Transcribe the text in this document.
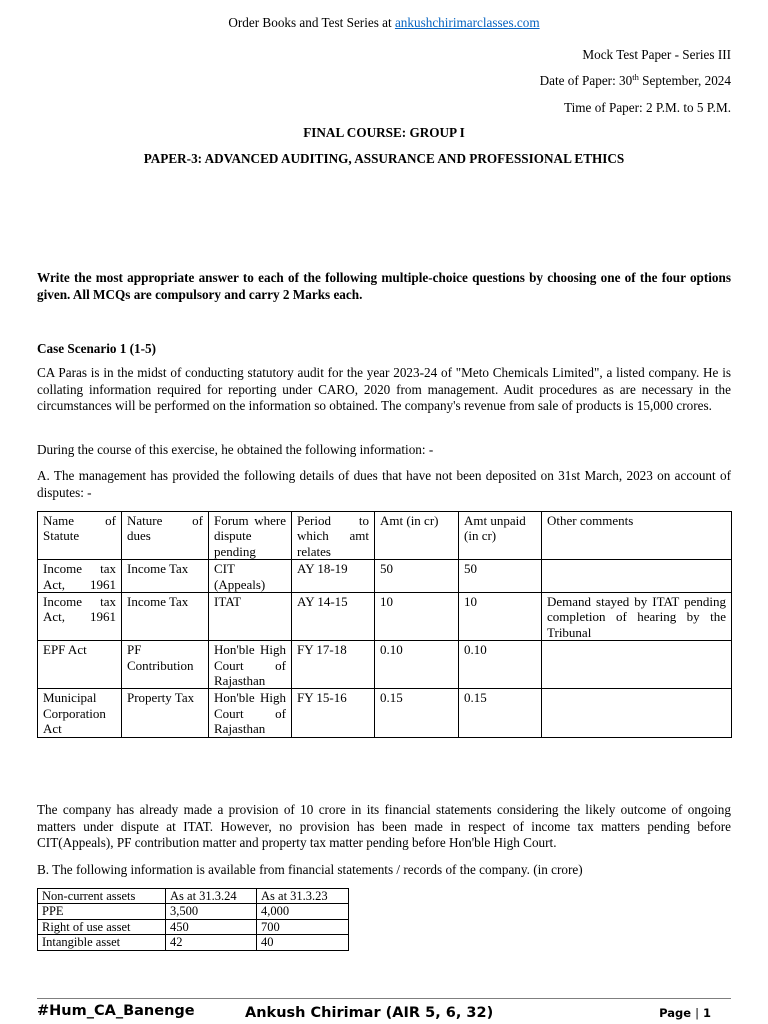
Order Books and Test Series at ankushchirimarclasses.com
Mock Test Paper - Series III
Date of Paper: 30th September, 2024
Time of Paper: 2 P.M. to 5 P.M.
FINAL COURSE: GROUP I
PAPER-3: ADVANCED AUDITING, ASSURANCE AND PROFESSIONAL ETHICS
Write the most appropriate answer to each of the following multiple-choice questions by choosing one of the four options given. All MCQs are compulsory and carry 2 Marks each.
Case Scenario 1 (1-5)
CA Paras is in the midst of conducting statutory audit for the year 2023-24 of "Meto Chemicals Limited", a listed company. He is collating information required for reporting under CARO, 2020 from management. Audit procedures as are necessary in the circumstances will be performed on the information so obtained. The company's revenue from sale of products is 15,000 crores.
During the course of this exercise, he obtained the following information: -
A. The management has provided the following details of dues that have not been deposited on 31st March, 2023 on account of disputes: -
Name of Statute	Nature of dues	Forum where dispute pending	Period to which amt relates	Amt (in cr)	Amt unpaid (in cr)	Other comments
Income tax Act, 1961	Income Tax	CIT (Appeals)	AY 18-19	50	50	
Income tax Act, 1961	Income Tax	ITAT	AY 14-15	10	10	Demand stayed by ITAT pending completion of hearing by the Tribunal
EPF Act	PF Contribution	Hon'ble High Court of Rajasthan	FY 17-18	0.10	0.10	
Municipal Corporation Act	Property Tax	Hon'ble High Court of Rajasthan	FY 15-16	0.15	0.15	
The company has already made a provision of 10 crore in its financial statements considering the likely outcome of ongoing matters under dispute at ITAT. However, no provision has been made in respect of income tax matters pending before CIT(Appeals), PF contribution matter and property tax matter pending before Hon'ble High Court.
B. The following information is available from financial statements / records of the company. (in crore)
Non-current assets	As at 31.3.24	As at 31.3.23
PPE	3,500	4,000
Right of use asset	450	700
Intangible asset	42	40
#Hum_CA_Banenge	Ankush Chirimar (AIR 5, 6, 32)	Page | 1
